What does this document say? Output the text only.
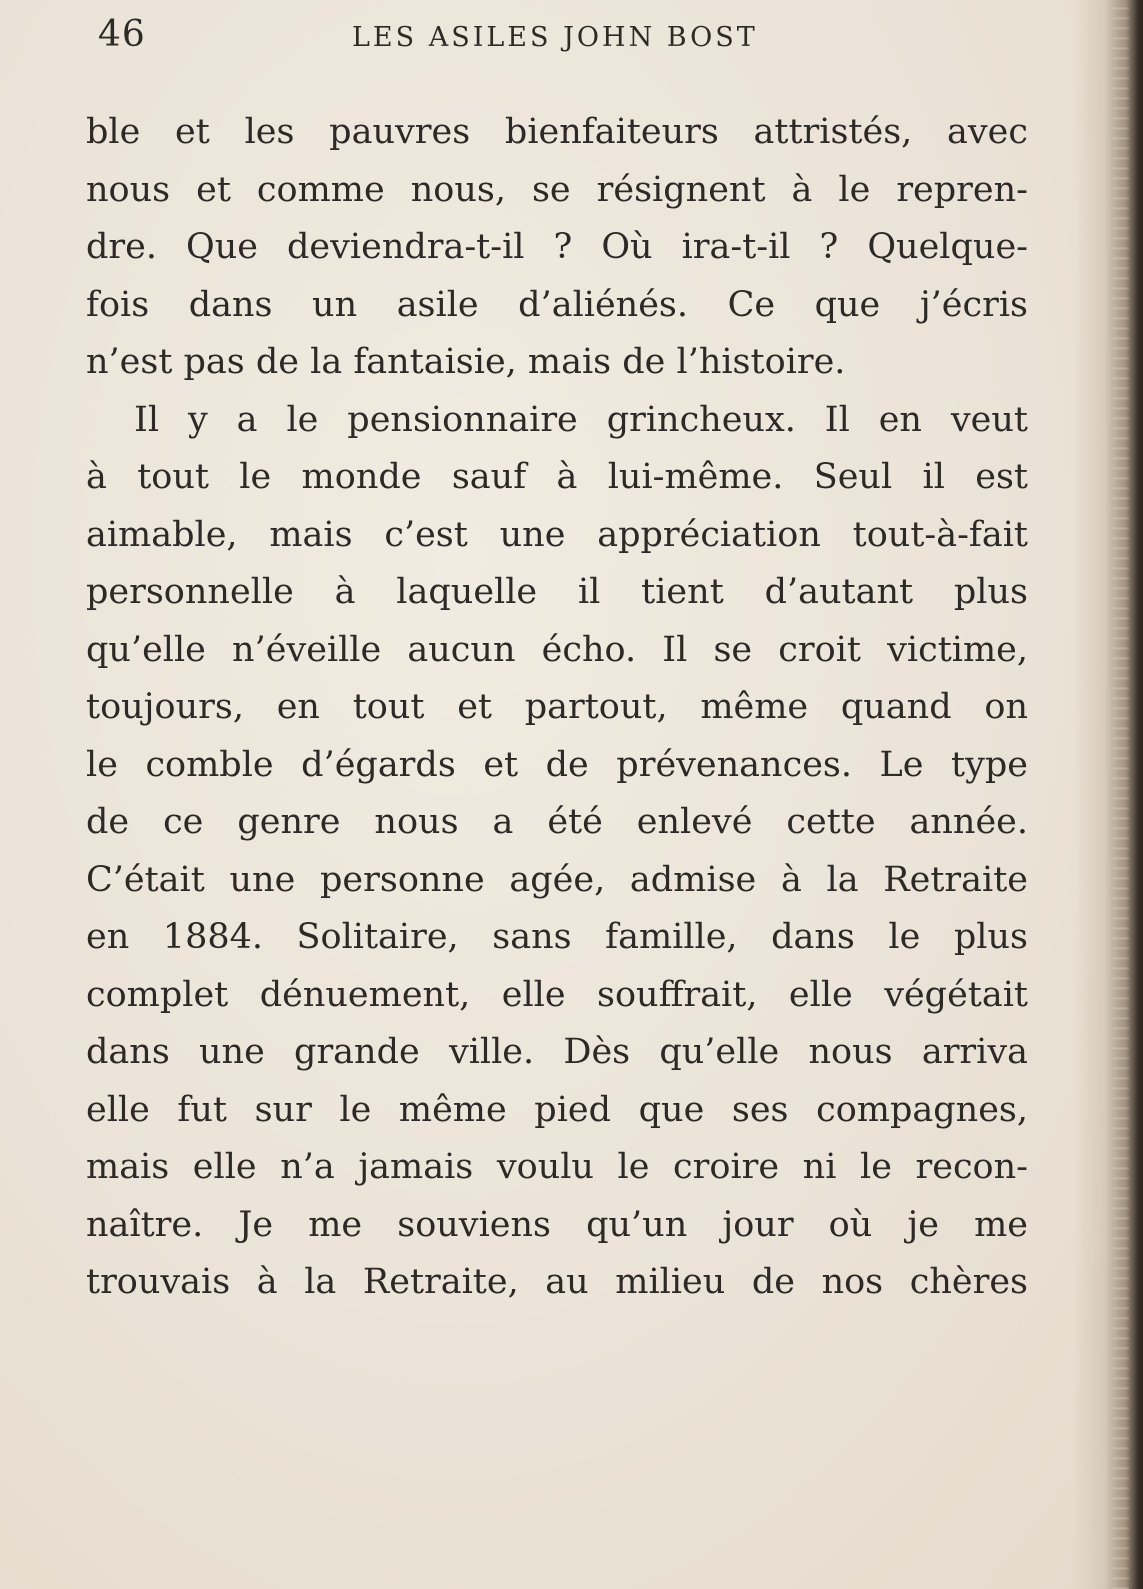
46	LES ASILES JOHN BOST
ble et les pauvres bienfaiteurs attristés, avec
nous et comme nous, se résignent à le repren-
dre. Que deviendra-t-il ? Où ira-t-il ? Quelque-
fois dans un asile d’aliénés. Ce que j’écris
n’est pas de la fantaisie, mais de l’histoire.
Il y a le pensionnaire grincheux. Il en veut
à tout le monde sauf à lui-même. Seul il est
aimable, mais c’est une appréciation tout-à-fait
personnelle à laquelle il tient d’autant plus
qu’elle n’éveille aucun écho. Il se croit victime,
toujours, en tout et partout, même quand on
le comble d’égards et de prévenances. Le type
de ce genre nous a été enlevé cette année.
C’était une personne agée, admise à la Retraite
en 1884. Solitaire, sans famille, dans le plus
complet dénuement, elle souffrait, elle végétait
dans une grande ville. Dès qu’elle nous arriva
elle fut sur le même pied que ses compagnes,
mais elle n’a jamais voulu le croire ni le recon-
naître. Je me souviens qu’un jour où je me
trouvais à la Retraite, au milieu de nos chères
